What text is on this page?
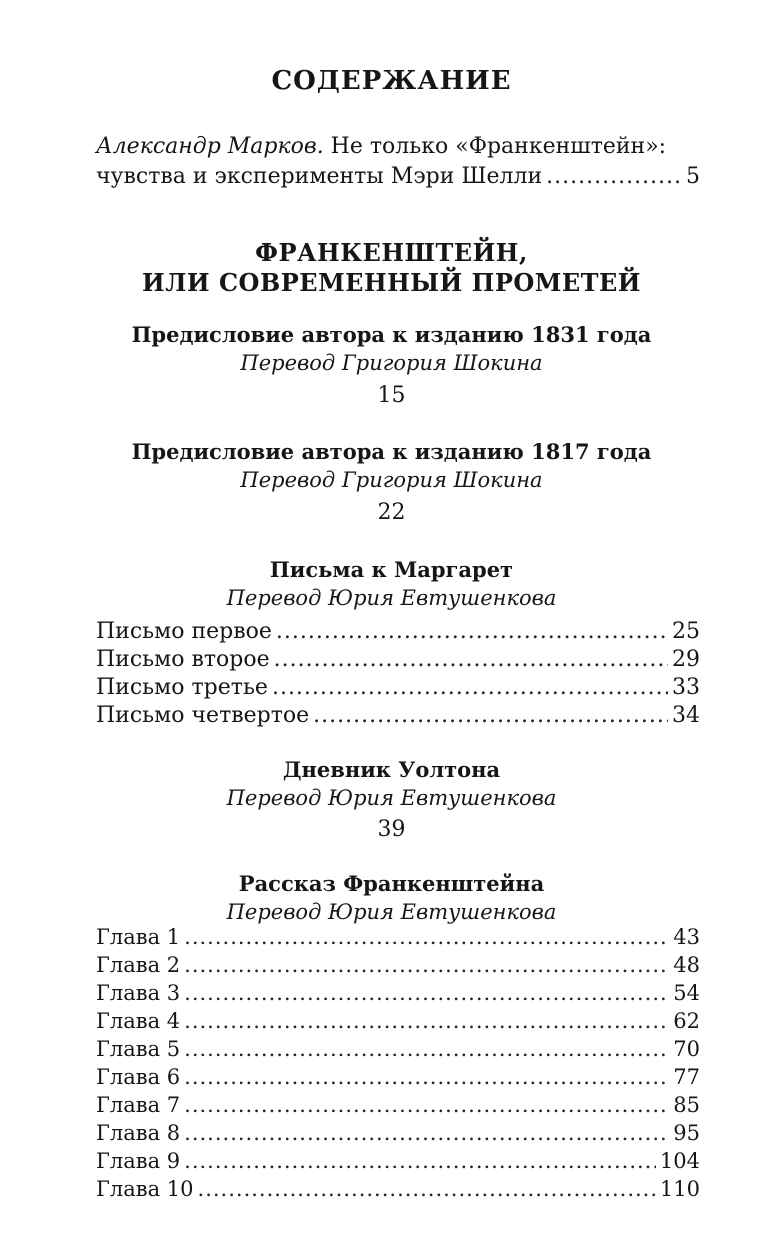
СОДЕРЖАНИЕ
Александр Марков. Не только «Франкенштейн»:
чувства и эксперименты Мэри Шелли .....	5
ФРАНКЕНШТЕЙН,
ИЛИ СОВРЕМЕННЫЙ ПРОМЕТЕЙ
Предисловие автора к изданию 1831 года
Перевод Григория Шокина
15
Предисловие автора к изданию 1817 года
Перевод Григория Шокина
22
Письма к Маргарет
Перевод Юрия Евтушенкова
Письмо первое .....	25
Письмо второе .....	29
Письмо третье .....	33
Письмо четвертое .....	34
Дневник Уолтона
Перевод Юрия Евтушенкова
39
Рассказ Франкенштейна
Перевод Юрия Евтушенкова
Глава 1 .....	43
Глава 2 .....	48
Глава 3 .....	54
Глава 4 .....	62
Глава 5 .....	70
Глава 6 .....	77
Глава 7 .....	85
Глава 8 .....	95
Глава 9 .....	104
Глава 10 .....	110
